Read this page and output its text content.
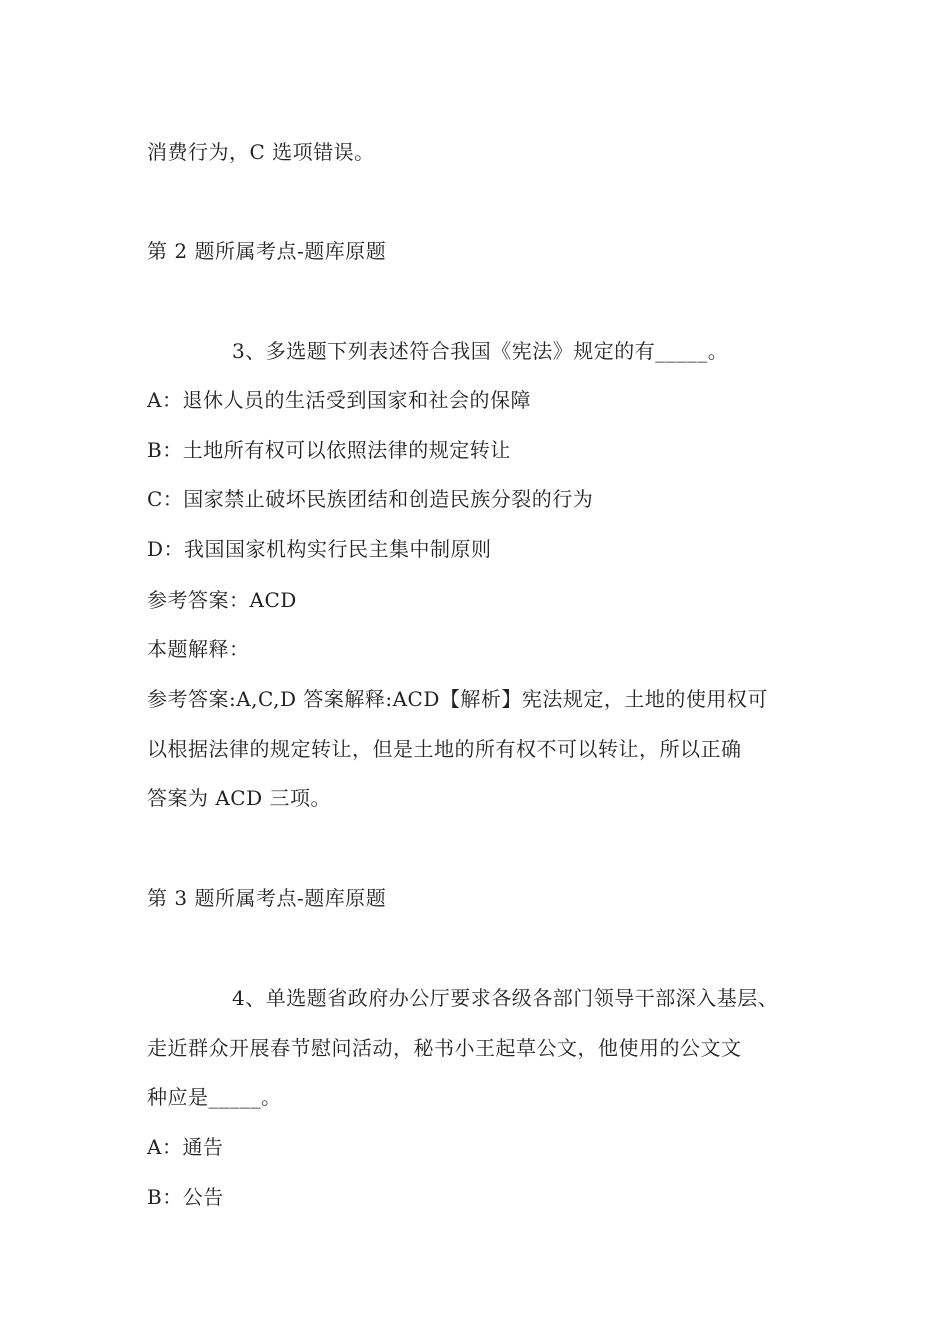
消费行为，C 选项错误。
第 2 题所属考点-题库原题
3、多选题下列表述符合我国《宪法》规定的有_____。
A：退休人员的生活受到国家和社会的保障
B：土地所有权可以依照法律的规定转让
C：国家禁止破坏民族团结和创造民族分裂的行为
D：我国国家机构实行民主集中制原则
参考答案：ACD
本题解释：
参考答案:A,C,D 答案解释:ACD【解析】宪法规定，土地的使用权可
以根据法律的规定转让，但是土地的所有权不可以转让，所以正确
答案为 ACD 三项。
第 3 题所属考点-题库原题
4、单选题省政府办公厅要求各级各部门领导干部深入基层、
走近群众开展春节慰问活动，秘书小王起草公文，他使用的公文文
种应是_____。
A：通告
B：公告
